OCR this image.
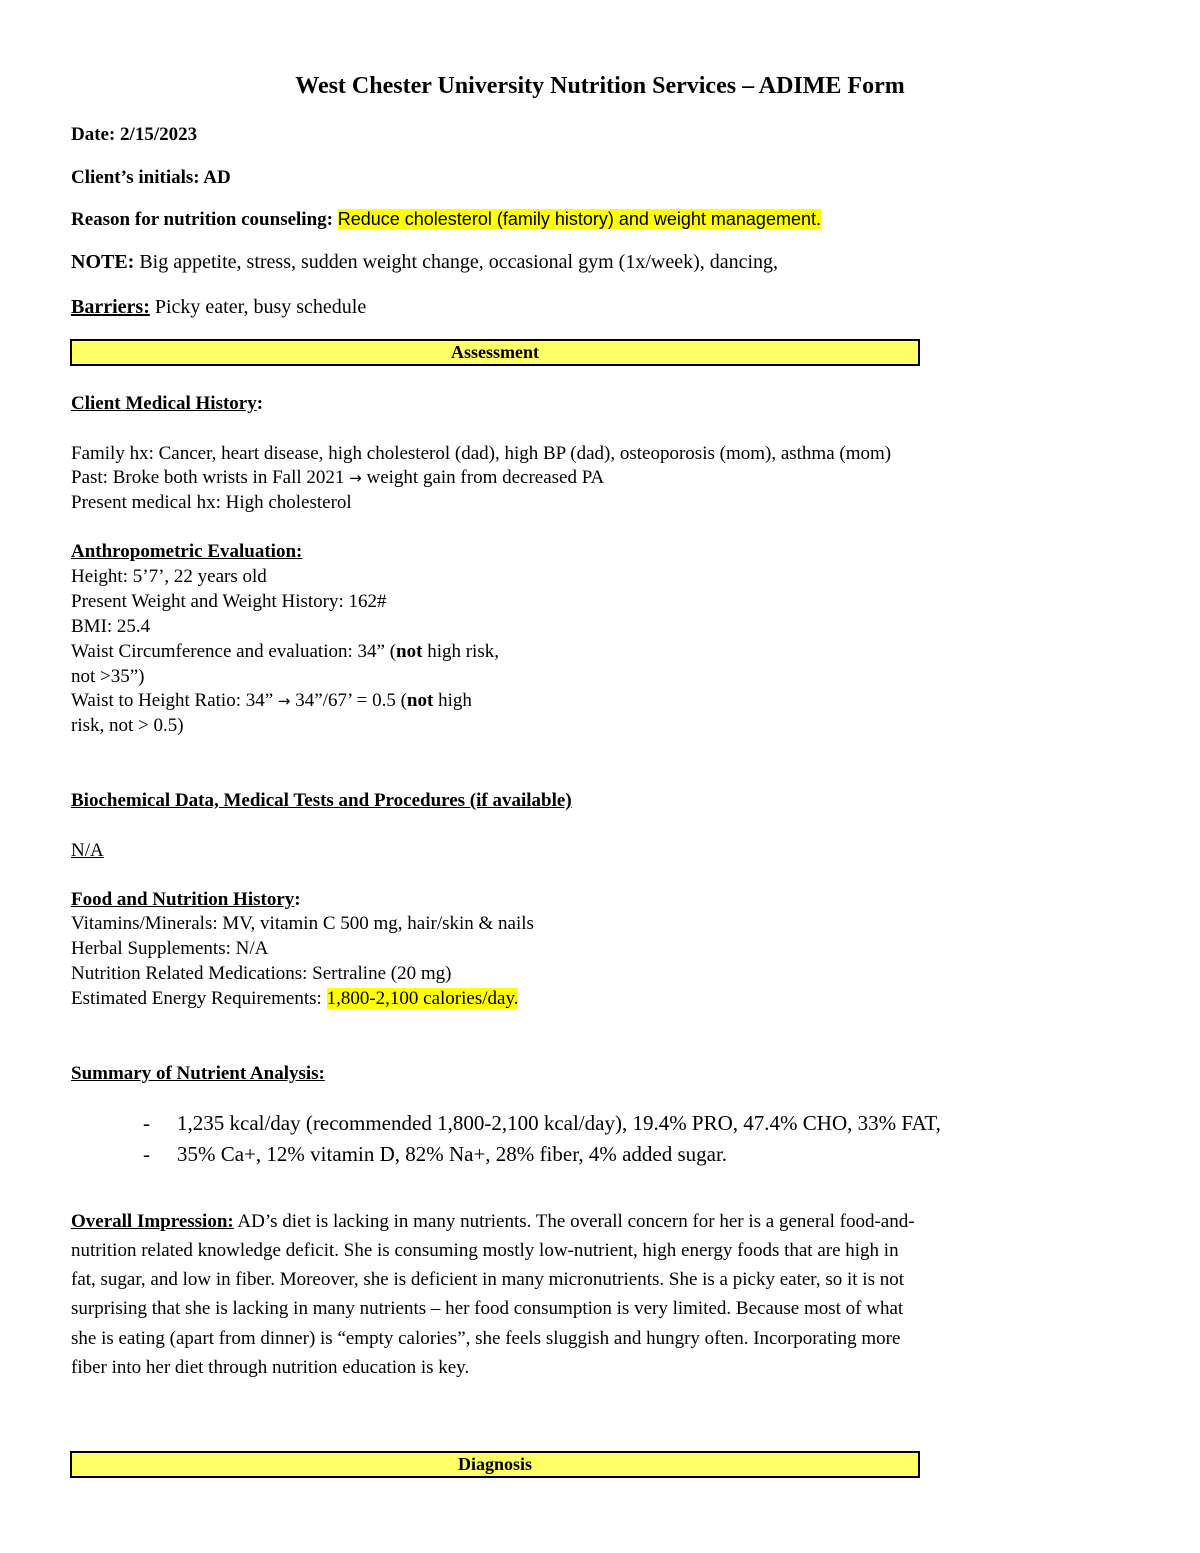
West Chester University Nutrition Services – ADIME Form
Date: 2/15/2023
Client’s initials: AD
Reason for nutrition counseling: Reduce cholesterol (family history) and weight management.
NOTE: Big appetite, stress, sudden weight change, occasional gym (1x/week), dancing,
Barriers: Picky eater, busy schedule
Assessment
Client Medical History:
Family hx: Cancer, heart disease, high cholesterol (dad), high BP (dad), osteoporosis (mom), asthma (mom)
Past: Broke both wrists in Fall 2021 → weight gain from decreased PA
Present medical hx: High cholesterol
Anthropometric Evaluation:
Height: 5’7’, 22 years old
Present Weight and Weight History: 162#
BMI: 25.4
Waist Circumference and evaluation: 34” (not high risk,
not >35”)
Waist to Height Ratio: 34” → 34”/67’ = 0.5 (not high
risk, not > 0.5)
Biochemical Data, Medical Tests and Procedures (if available)
N/A
Food and Nutrition History:
Vitamins/Minerals: MV, vitamin C 500 mg, hair/skin & nails
Herbal Supplements: N/A
Nutrition Related Medications: Sertraline (20 mg)
Estimated Energy Requirements: 1,800-2,100 calories/day.
Summary of Nutrient Analysis:
- 1,235 kcal/day (recommended 1,800-2,100 kcal/day), 19.4% PRO, 47.4% CHO, 33% FAT,
- 35% Ca+, 12% vitamin D, 82% Na+, 28% fiber, 4% added sugar.
Overall Impression: AD’s diet is lacking in many nutrients. The overall concern for her is a general food-and-
nutrition related knowledge deficit. She is consuming mostly low-nutrient, high energy foods that are high in
fat, sugar, and low in fiber. Moreover, she is deficient in many micronutrients. She is a picky eater, so it is not
surprising that she is lacking in many nutrients – her food consumption is very limited. Because most of what
she is eating (apart from dinner) is “empty calories”, she feels sluggish and hungry often. Incorporating more
fiber into her diet through nutrition education is key.
Diagnosis
